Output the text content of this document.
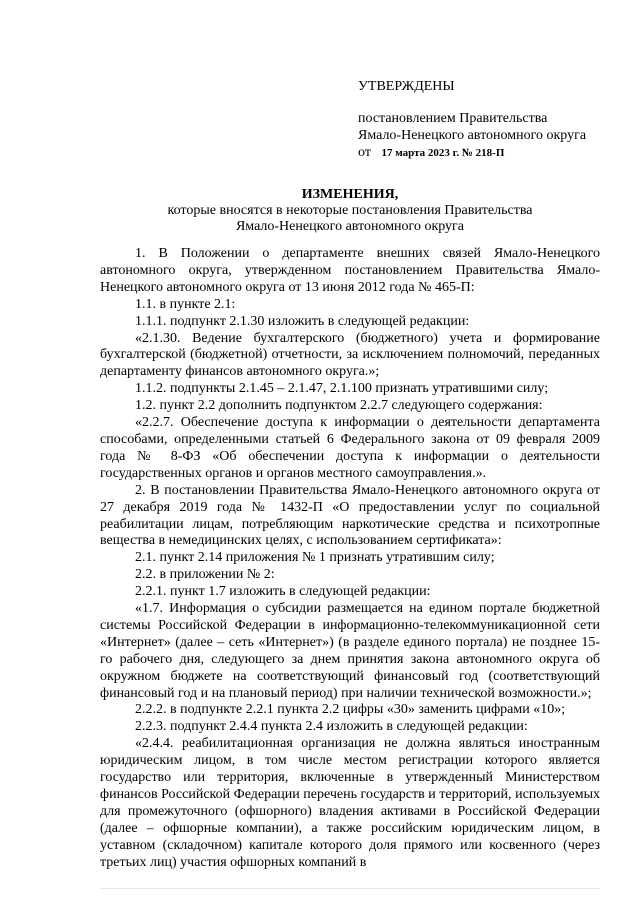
УТВЕРЖДЕНЫ
постановлением Правительства
Ямало-Ненецкого автономного округа
от 17 марта 2023 г. № 218-П
ИЗМЕНЕНИЯ,
которые вносятся в некоторые постановления Правительства
Ямало-Ненецкого автономного округа

1. В Положении о департаменте внешних связей Ямало-Ненецкого автономного округа, утвержденном постановлением Правительства Ямало-Ненецкого автономного округа от 13 июня 2012 года № 465-П:

1.1. в пункте 2.1:

1.1.1. подпункт 2.1.30 изложить в следующей редакции:

«2.1.30. Ведение бухгалтерского (бюджетного) учета и формирование бухгалтерской (бюджетной) отчетности, за исключением полномочий, переданных департаменту финансов автономного округа.»;

1.1.2. подпункты 2.1.45 – 2.1.47, 2.1.100 признать утратившими силу;

1.2. пункт 2.2 дополнить подпунктом 2.2.7 следующего содержания:

«2.2.7. Обеспечение доступа к информации о деятельности департамента способами, определенными статьей 6 Федерального закона от 09 февраля 2009 года № 8-ФЗ «Об обеспечении доступа к информации о деятельности государственных органов и органов местного самоуправления.».

2. В постановлении Правительства Ямало-Ненецкого автономного округа от 27 декабря 2019 года № 1432-П «О предоставлении услуг по социальной реабилитации лицам, потребляющим наркотические средства и психотропные вещества в немедицинских целях, с использованием сертификата»:

2.1. пункт 2.14 приложения № 1 признать утратившим силу;

2.2. в приложении № 2:

2.2.1. пункт 1.7 изложить в следующей редакции:

«1.7. Информация о субсидии размещается на едином портале бюджетной системы Российской Федерации в информационно-телекоммуникационной сети «Интернет» (далее – сеть «Интернет») (в разделе единого портала) не позднее 15-го рабочего дня, следующего за днем принятия закона автономного округа об окружном бюджете на соответствующий финансовый год (соответствующий финансовый год и на плановый период) при наличии технической возможности.»;

2.2.2. в подпункте 2.2.1 пункта 2.2 цифры «30» заменить цифрами «10»;

2.2.3. подпункт 2.4.4 пункта 2.4 изложить в следующей редакции:

«2.4.4. реабилитационная организация не должна являться иностранным юридическим лицом, в том числе местом регистрации которого является государство или территория, включенные в утвержденный Министерством финансов Российской Федерации перечень государств и территорий, используемых для промежуточного (офшорного) владения активами в Российской Федерации (далее – офшорные компании), а также российским юридическим лицом, в уставном (складочном) капитале которого доля прямого или косвенного (через третьих лиц) участия офшорных компаний в
